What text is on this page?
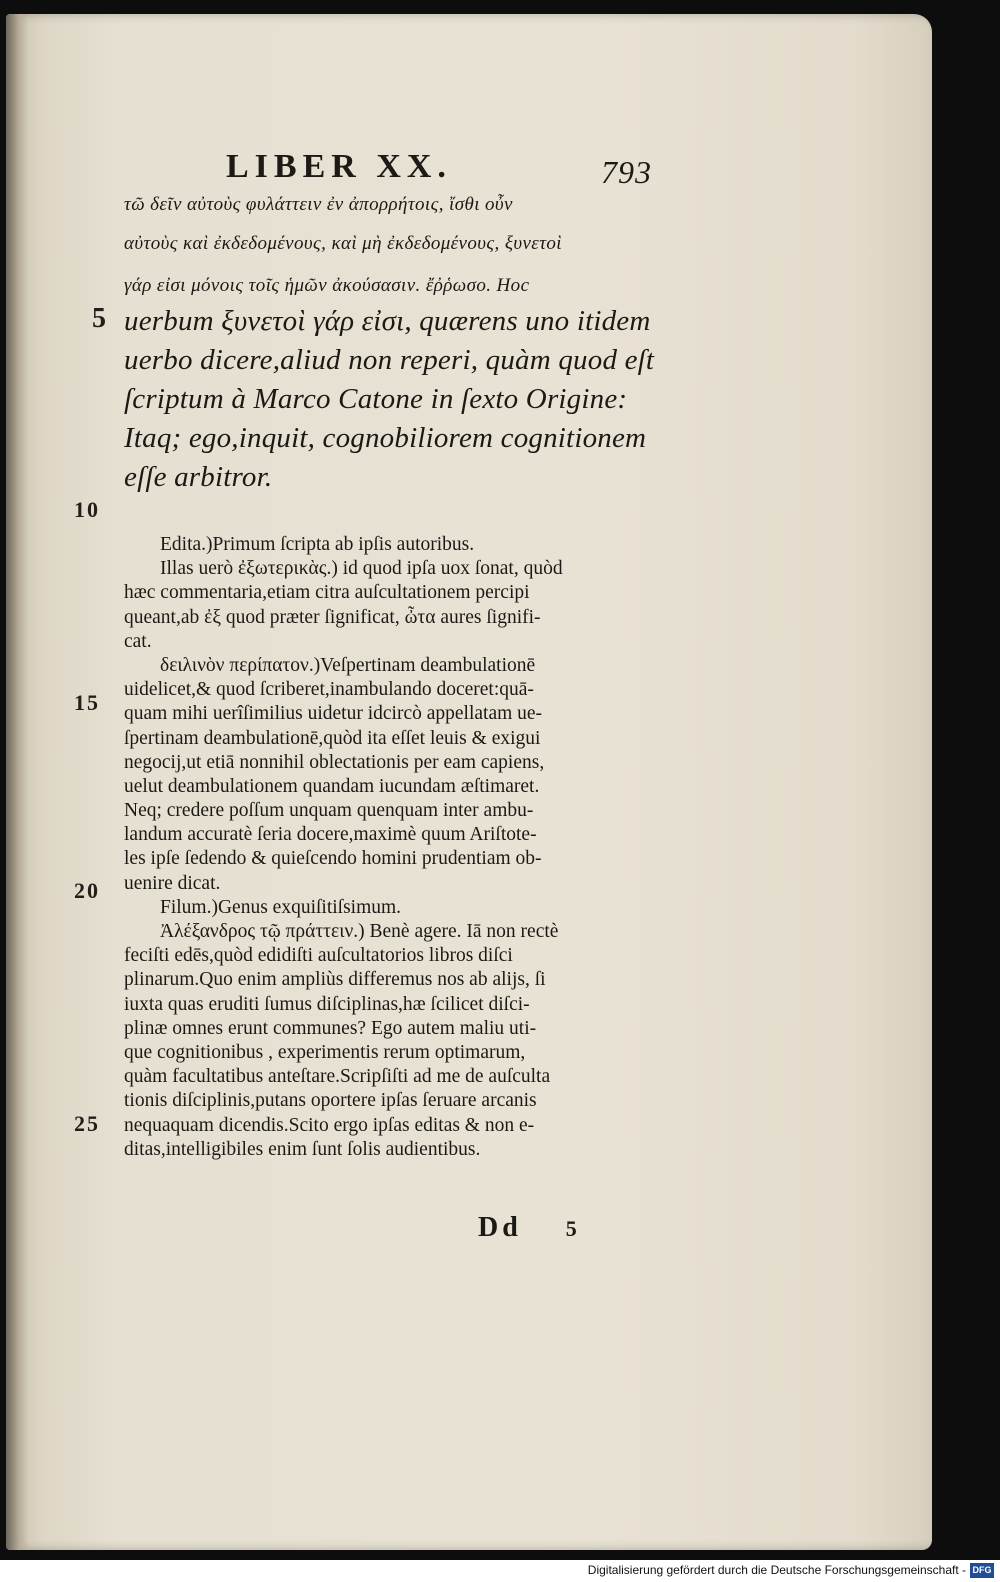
LIBER XX.	793
τῶ δεῖν αὐτοὺς φυλάττειν ἐν ἀπορρήτοις, ἴσθι οὖν
αὐτοὺς καὶ ἐκδεδομένους, καὶ μὴ ἐκδεδομένους, ξυνετοὶ
γάρ εἰσι μόνοις τοῖς ἡμῶν ἀκούσασιν. ἔῤῥωσο. Hoc
uerbum ξυνετοὶ γάρ εἰσι, quærens uno itidem
uerbo dicere,aliud non reperi, quàm quod eſt
ſcriptum à Marco Catone in ſexto Origine:
Itaq; ego,inquit, cognobiliorem cognitionem
eſſe arbitror.
Edita.)Primum ſcripta ab ipſis autoribus.
Illas uerò ἐξωτερικὰς.) id quod ipſa uox ſonat, quòd
hæc commentaria,etiam citra auſcultationem percipi
queant,ab ἐξ quod præter ſignificat, ὦτα aures ſignifi-
cat.
δειλινὸν περίπατον.)Veſpertinam deambulationē
uidelicet,& quod ſcriberet,inambulando doceret:quā-
quam mihi uerîſimilius uidetur idcircò appellatam ue-
ſpertinam deambulationē,quòd ita eſſet leuis & exigui
negocij,ut etiā nonnihil oblectationis per eam capiens,
uelut deambulationem quandam iucundam æſtimaret.
Neq; credere poſſum unquam quenquam inter ambu-
landum accuratè ſeria docere,maximè quum Ariſtote-
les ipſe ſedendo & quieſcendo homini prudentiam ob-
uenire dicat.
Filum.)Genus exquiſitiſsimum.
Ἀλέξανδρος τῷ πράττειν.) Benè agere. Iā non rectè
feciſti edēs,quòd edidiſti auſcultatorios libros diſci
plinarum.Quo enim ampliùs differemus nos ab alijs, ſi
iuxta quas eruditi ſumus diſciplinas,hæ ſcilicet diſci-
plinæ omnes erunt communes? Ego autem maliu uti-
que cognitionibus , experimentis rerum optimarum,
quàm facultatibus anteſtare.Scripſiſti ad me de auſculta
tionis diſciplinis,putans oportere ipſas ſeruare arcanis
nequaquam dicendis.Scito ergo ipſas editas & non e-
ditas,intelligibiles enim ſunt ſolis audientibus.
5
10
15
20
25
Dd 5
Digitalisierung gefördert durch die Deutsche Forschungsgemeinschaft - DFG
